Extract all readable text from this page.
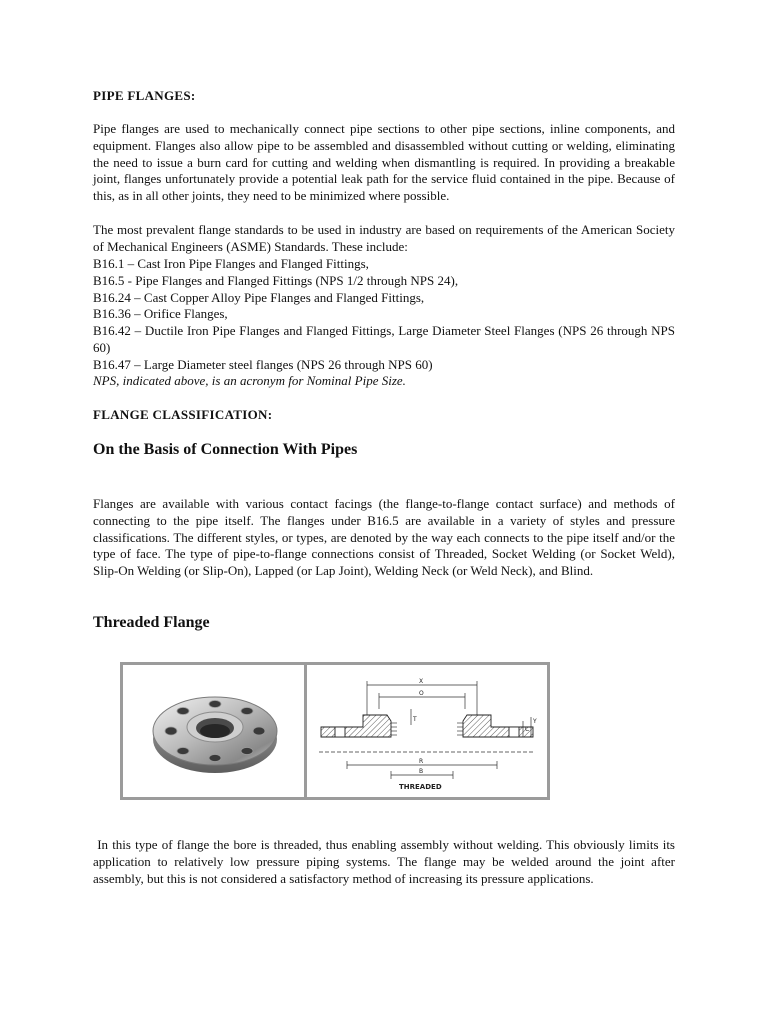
PIPE FLANGES:

Pipe flanges are used to mechanically connect pipe sections to other pipe sections, inline components, and equipment. Flanges also allow pipe to be assembled and disassembled without cutting or welding, eliminating the need to issue a burn card for cutting and welding when dismantling is required. In providing a breakable joint, flanges unfortunately provide a potential leak path for the service fluid contained in the pipe. Because of this, as in all other joints, they need to be minimized where possible.

The most prevalent flange standards to be used in industry are based on requirements of the American Society of Mechanical Engineers (ASME) Standards. These include:

B16.1 – Cast Iron Pipe Flanges and Flanged Fittings,

B16.5 - Pipe Flanges and Flanged Fittings (NPS 1/2 through NPS 24),

B16.24 – Cast Copper Alloy Pipe Flanges and Flanged Fittings,

B16.36 – Orifice Flanges,

B16.42 – Ductile Iron Pipe Flanges and Flanged Fittings, Large Diameter Steel Flanges (NPS 26 through NPS 60)

B16.47 – Large Diameter steel flanges (NPS 26 through NPS 60)

NPS, indicated above, is an acronym for Nominal Pipe Size.

FLANGE CLASSIFICATION:
On the Basis of Connection With Pipes

Flanges are available with various contact facings (the flange-to-flange contact surface) and methods of connecting to the pipe itself. The flanges under B16.5 are available in a variety of styles and pressure classifications. The different styles, or types, are denoted by the way each connects to the pipe itself and/or the type of face. The type of pipe-to-flange connections consist of Threaded, Socket Welding (or Socket Weld), Slip-On Welding (or Slip-On), Lapped (or Lap Joint), Welding Neck (or Weld Neck), and Blind.

Threaded Flange
X
O
T	Y
C
R
B
THREADED

In this type of flange the bore is threaded, thus enabling assembly without welding. This obviously limits its application to relatively low pressure piping systems. The flange may be welded around the joint after assembly, but this is not considered a satisfactory method of increasing its pressure applications.
